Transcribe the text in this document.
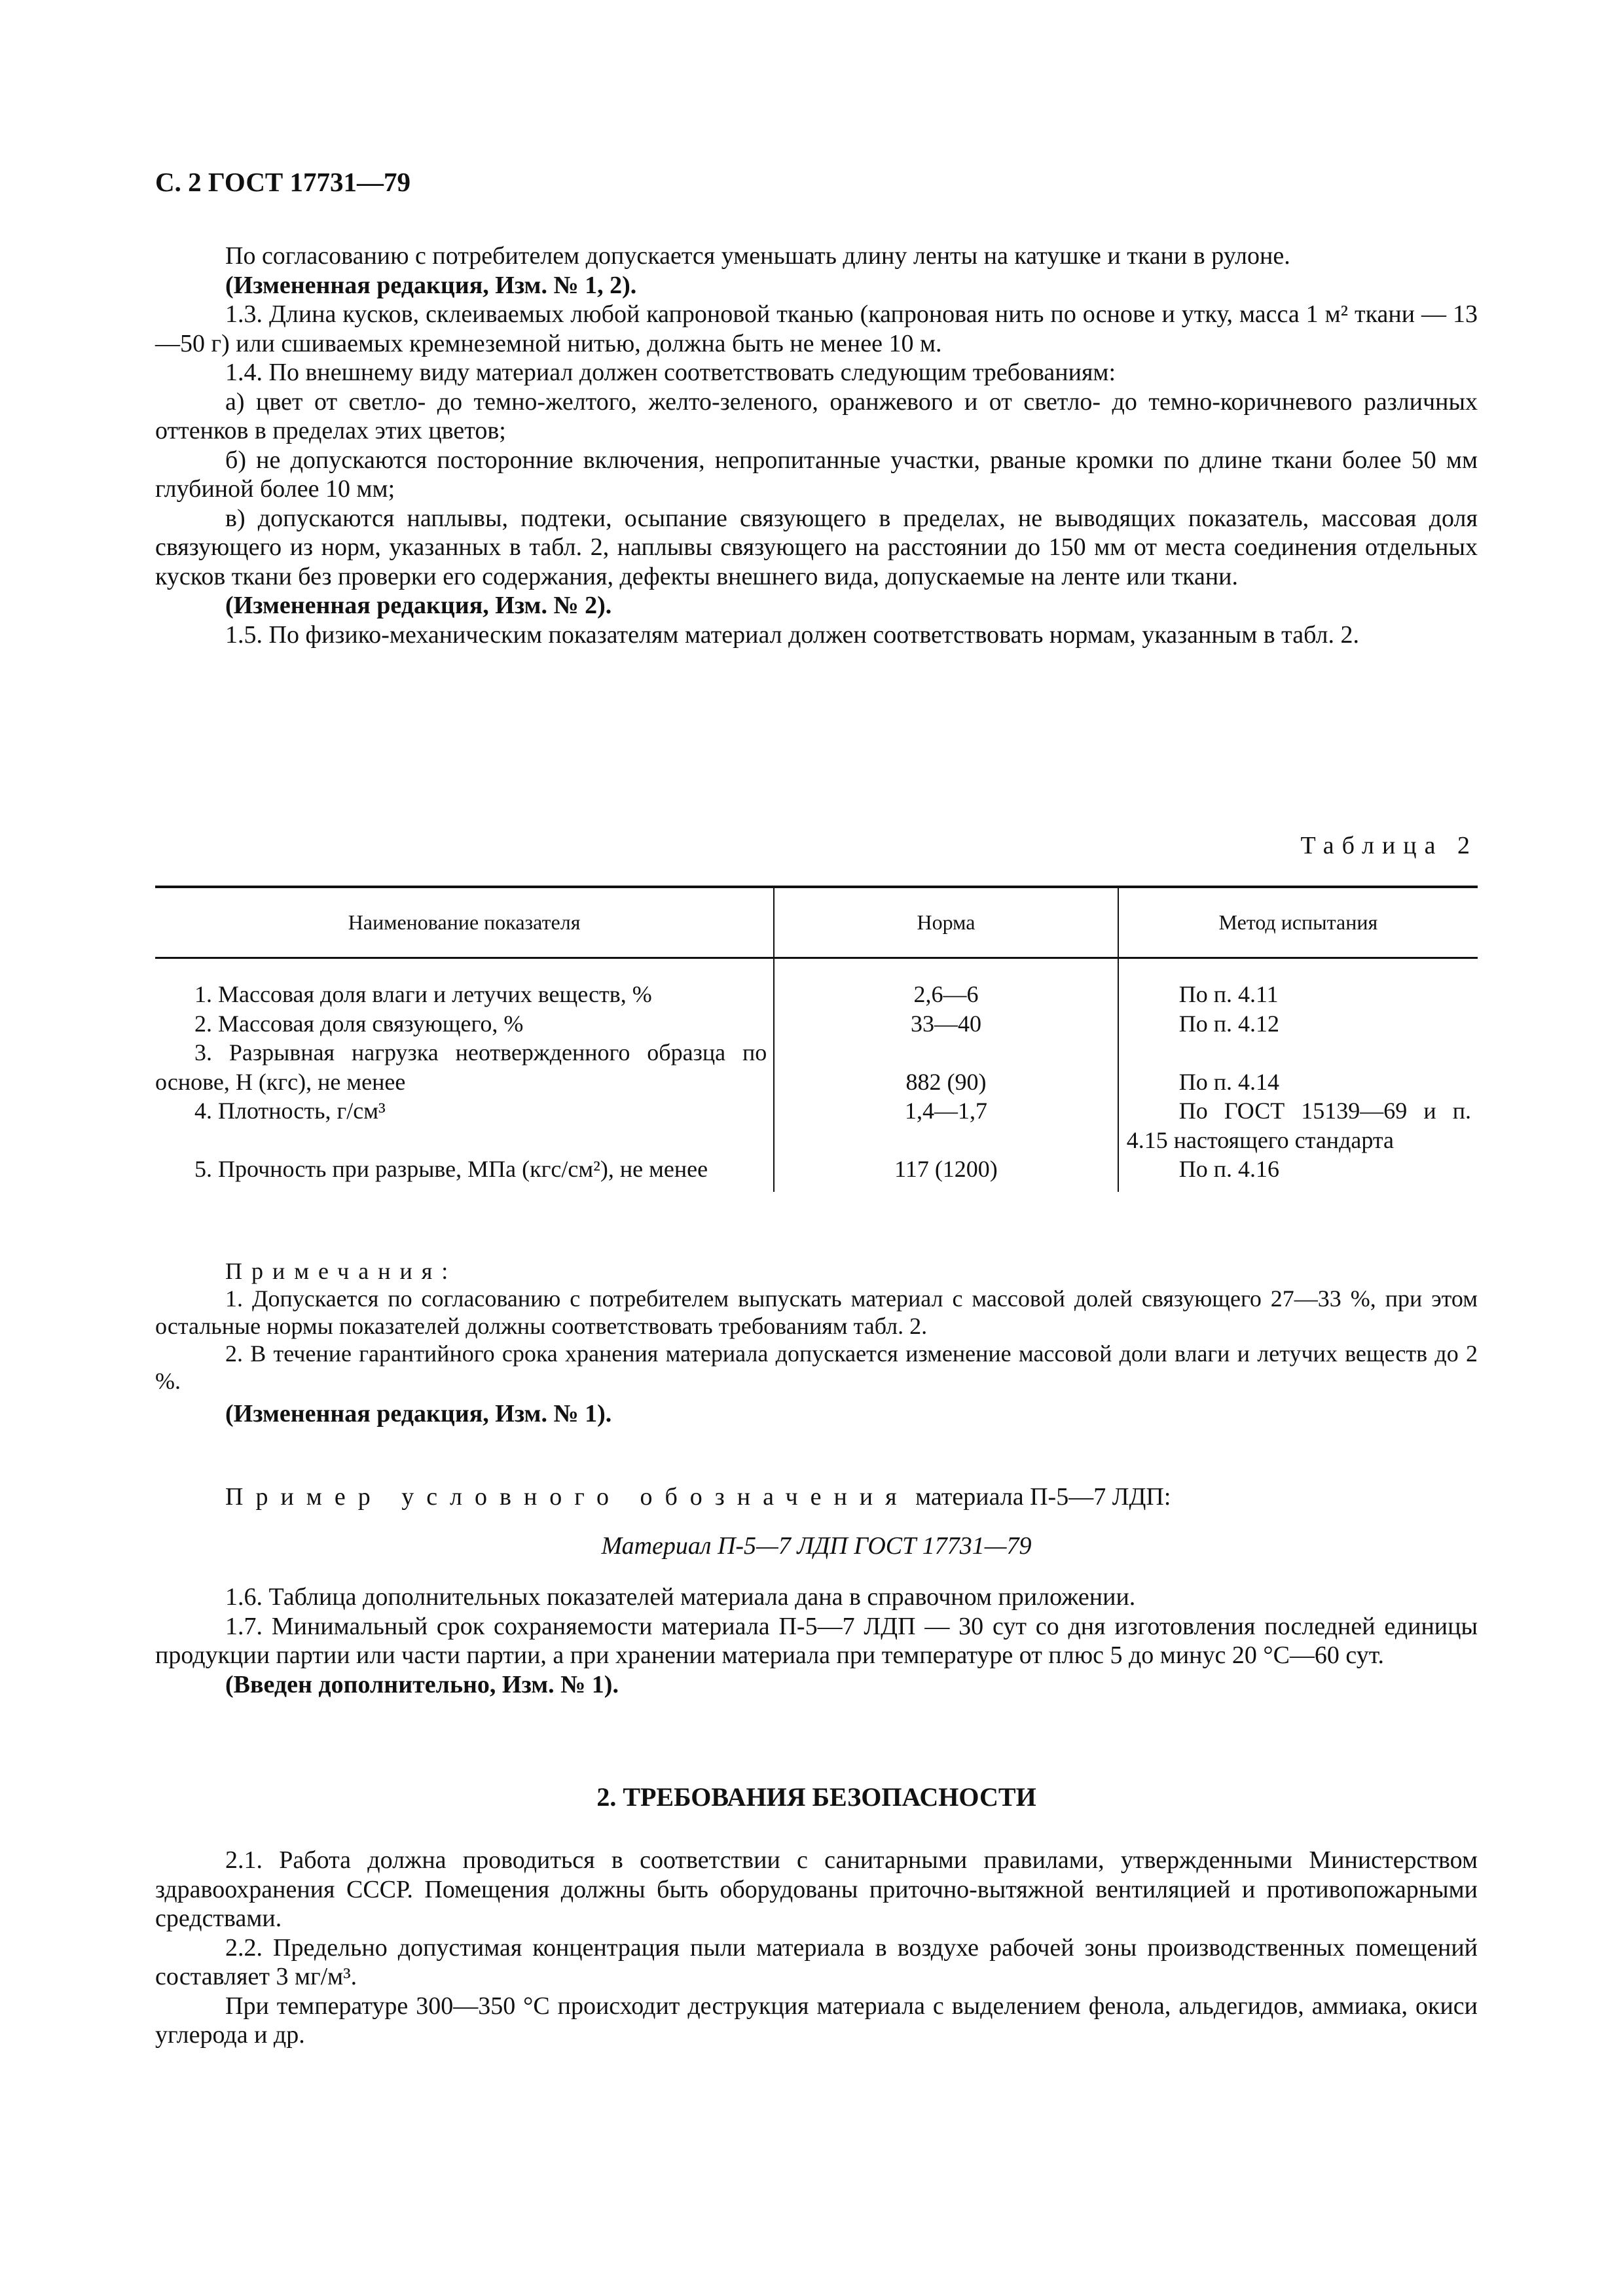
С. 2 ГОСТ 17731—79

По согласованию с потребителем допускается уменьшать длину ленты на катушке и ткани в рулоне.

(Измененная редакция, Изм. № 1, 2).

1.3. Длина кусков, склеиваемых любой капроновой тканью (капроновая нить по основе и утку, масса 1 м² ткани — 13—50 г) или сшиваемых кремнеземной нитью, должна быть не менее 10 м.

1.4. По внешнему виду материал должен соответствовать следующим требованиям:

а) цвет от светло- до темно-желтого, желто-зеленого, оранжевого и от светло- до темно-коричневого различных оттенков в пределах этих цветов;

б) не допускаются посторонние включения, непропитанные участки, рваные кромки по длине ткани более 50 мм глубиной более 10 мм;

в) допускаются наплывы, подтеки, осыпание связующего в пределах, не выводящих показатель, массовая доля связующего из норм, указанных в табл. 2, наплывы связующего на расстоянии до 150 мм от места соединения отдельных кусков ткани без проверки его содержания, дефекты внешнего вида, допускаемые на ленте или ткани.

(Измененная редакция, Изм. № 2).

1.5. По физико-механическим показателям материал должен соответствовать нормам, указанным в табл. 2.

Таблица 2
Наименование показателя	Норма	Метод испытания

1. Массовая доля влаги и летучих веществ, %	2,6—6	По п. 4.11

2. Массовая доля связующего, %	33—40	По п. 4.12

3. Разрывная нагрузка неотвержденного образца по основе, Н (кгс), не менее	882 (90)	По п. 4.14

4. Плотность, г/см³	1,4—1,7	По ГОСТ 15139—69 и п. 4.15 настоящего стандарта

5. Прочность при разрыве, МПа (кгс/см²), не менее	117 (1200)	По п. 4.16

Примечания:
1. Допускается по согласованию с потребителем выпускать материал с массовой долей связующего 27—33 %, при этом остальные нормы показателей должны соответствовать требованиям табл. 2.
2. В течение гарантийного срока хранения материала допускается изменение массовой доли влаги и летучих веществ до 2 %.
(Измененная редакция, Изм. № 1).
Пример условного обозначения материала П-5—7 ЛДП:
Материал П-5—7 ЛДП ГОСТ 17731—79

1.6. Таблица дополнительных показателей материала дана в справочном приложении.

1.7. Минимальный срок сохраняемости материала П-5—7 ЛДП — 30 сут со дня изготовления последней единицы продукции партии или части партии, а при хранении материала при температуре от плюс 5 до минус 20 °С—60 сут.

(Введен дополнительно, Изм. № 1).

2. ТРЕБОВАНИЯ БЕЗОПАСНОСТИ

2.1. Работа должна проводиться в соответствии с санитарными правилами, утвержденными Министерством здравоохранения СССР. Помещения должны быть оборудованы приточно-вытяжной вентиляцией и противопожарными средствами.

2.2. Предельно допустимая концентрация пыли материала в воздухе рабочей зоны производственных помещений составляет 3 мг/м³.

При температуре 300—350 °С происходит деструкция материала с выделением фенола, альдегидов, аммиака, окиси углерода и др.
